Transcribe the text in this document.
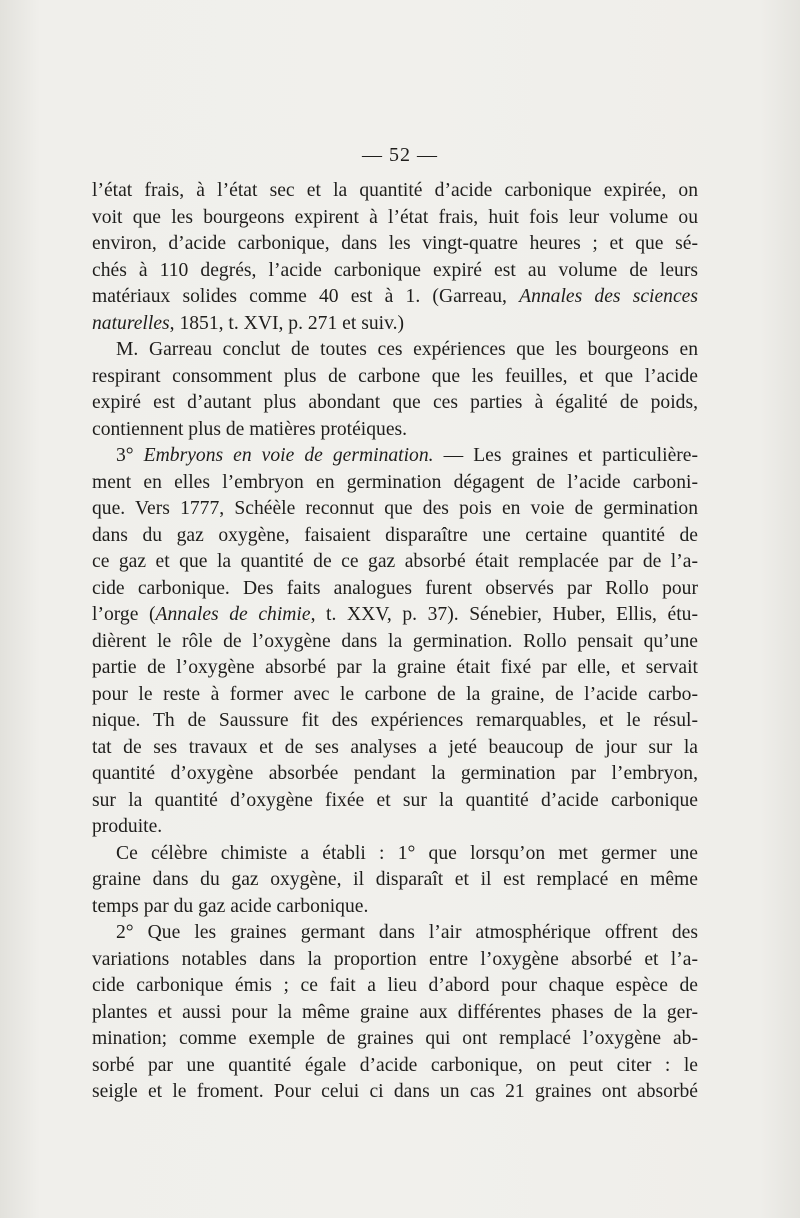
— 52 —
l’état frais, à l’état sec et la quantité d’acide carbonique expirée, on
voit que les bourgeons expirent à l’état frais, huit fois leur volume ou
environ, d’acide carbonique, dans les vingt-quatre heures ; et que sé-
chés à 110 degrés, l’acide carbonique expiré est au volume de leurs
matériaux solides comme 40 est à 1. (Garreau, Annales des sciences
naturelles, 1851, t. XVI, p. 271 et suiv.)
M. Garreau conclut de toutes ces expériences que les bourgeons en
respirant consomment plus de carbone que les feuilles, et que l’acide
expiré est d’autant plus abondant que ces parties à égalité de poids,
contiennent plus de matières protéiques.
3° Embryons en voie de germination. — Les graines et particulière-
ment en elles l’embryon en germination dégagent de l’acide carboni-
que. Vers 1777, Schéèle reconnut que des pois en voie de germination
dans du gaz oxygène, faisaient disparaître une certaine quantité de
ce gaz et que la quantité de ce gaz absorbé était remplacée par de l’a-
cide carbonique. Des faits analogues furent observés par Rollo pour
l’orge (Annales de chimie, t. XXV, p. 37). Sénebier, Huber, Ellis, étu-
dièrent le rôle de l’oxygène dans la germination. Rollo pensait qu’une
partie de l’oxygène absorbé par la graine était fixé par elle, et servait
pour le reste à former avec le carbone de la graine, de l’acide carbo-
nique. Th de Saussure fit des expériences remarquables, et le résul-
tat de ses travaux et de ses analyses a jeté beaucoup de jour sur la
quantité d’oxygène absorbée pendant la germination par l’embryon,
sur la quantité d’oxygène fixée et sur la quantité d’acide carbonique
produite.
Ce célèbre chimiste a établi : 1° que lorsqu’on met germer une
graine dans du gaz oxygène, il disparaît et il est remplacé en même
temps par du gaz acide carbonique.
2° Que les graines germant dans l’air atmosphérique offrent des
variations notables dans la proportion entre l’oxygène absorbé et l’a-
cide carbonique émis ; ce fait a lieu d’abord pour chaque espèce de
plantes et aussi pour la même graine aux différentes phases de la ger-
mination; comme exemple de graines qui ont remplacé l’oxygène ab-
sorbé par une quantité égale d’acide carbonique, on peut citer : le
seigle et le froment. Pour celui ci dans un cas 21 graines ont absorbé
